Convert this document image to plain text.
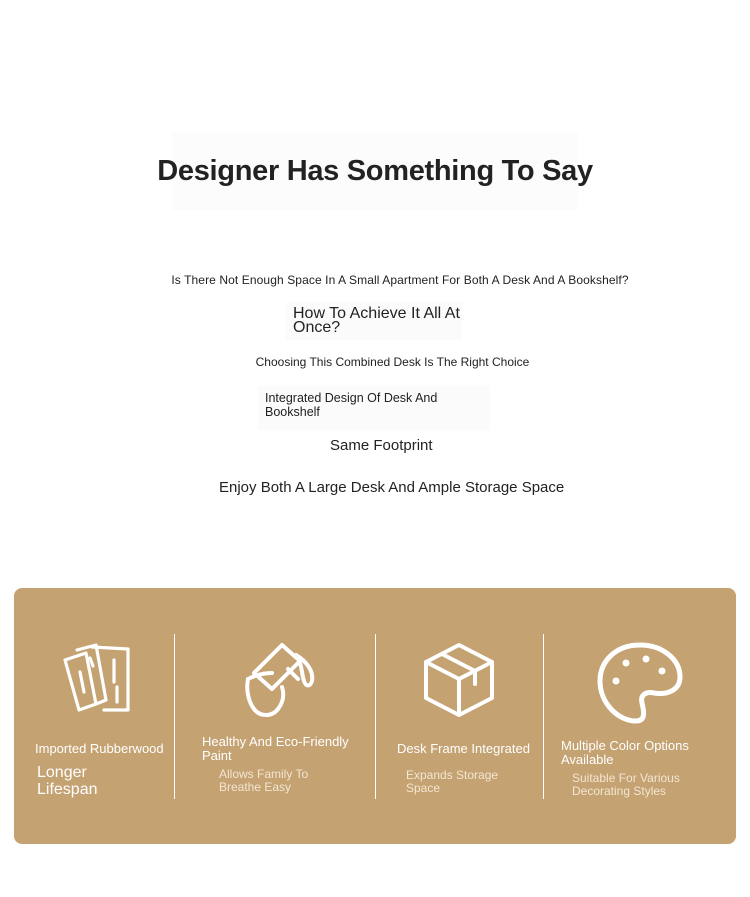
Designer Has Something To Say
Is There Not Enough Space In A Small Apartment For Both A Desk And A Bookshelf?
How To Achieve It All At Once?
Choosing This Combined Desk Is The Right Choice
Integrated Design Of Desk And Bookshelf
Same Footprint
Enjoy Both A Large Desk And Ample Storage Space
Imported Rubberwood
Longer Lifespan
Healthy And Eco-Friendly Paint
Allows Family To Breathe Easy
Desk Frame Integrated
Expands Storage Space
Multiple Color Options Available
Suitable For Various Decorating Styles
